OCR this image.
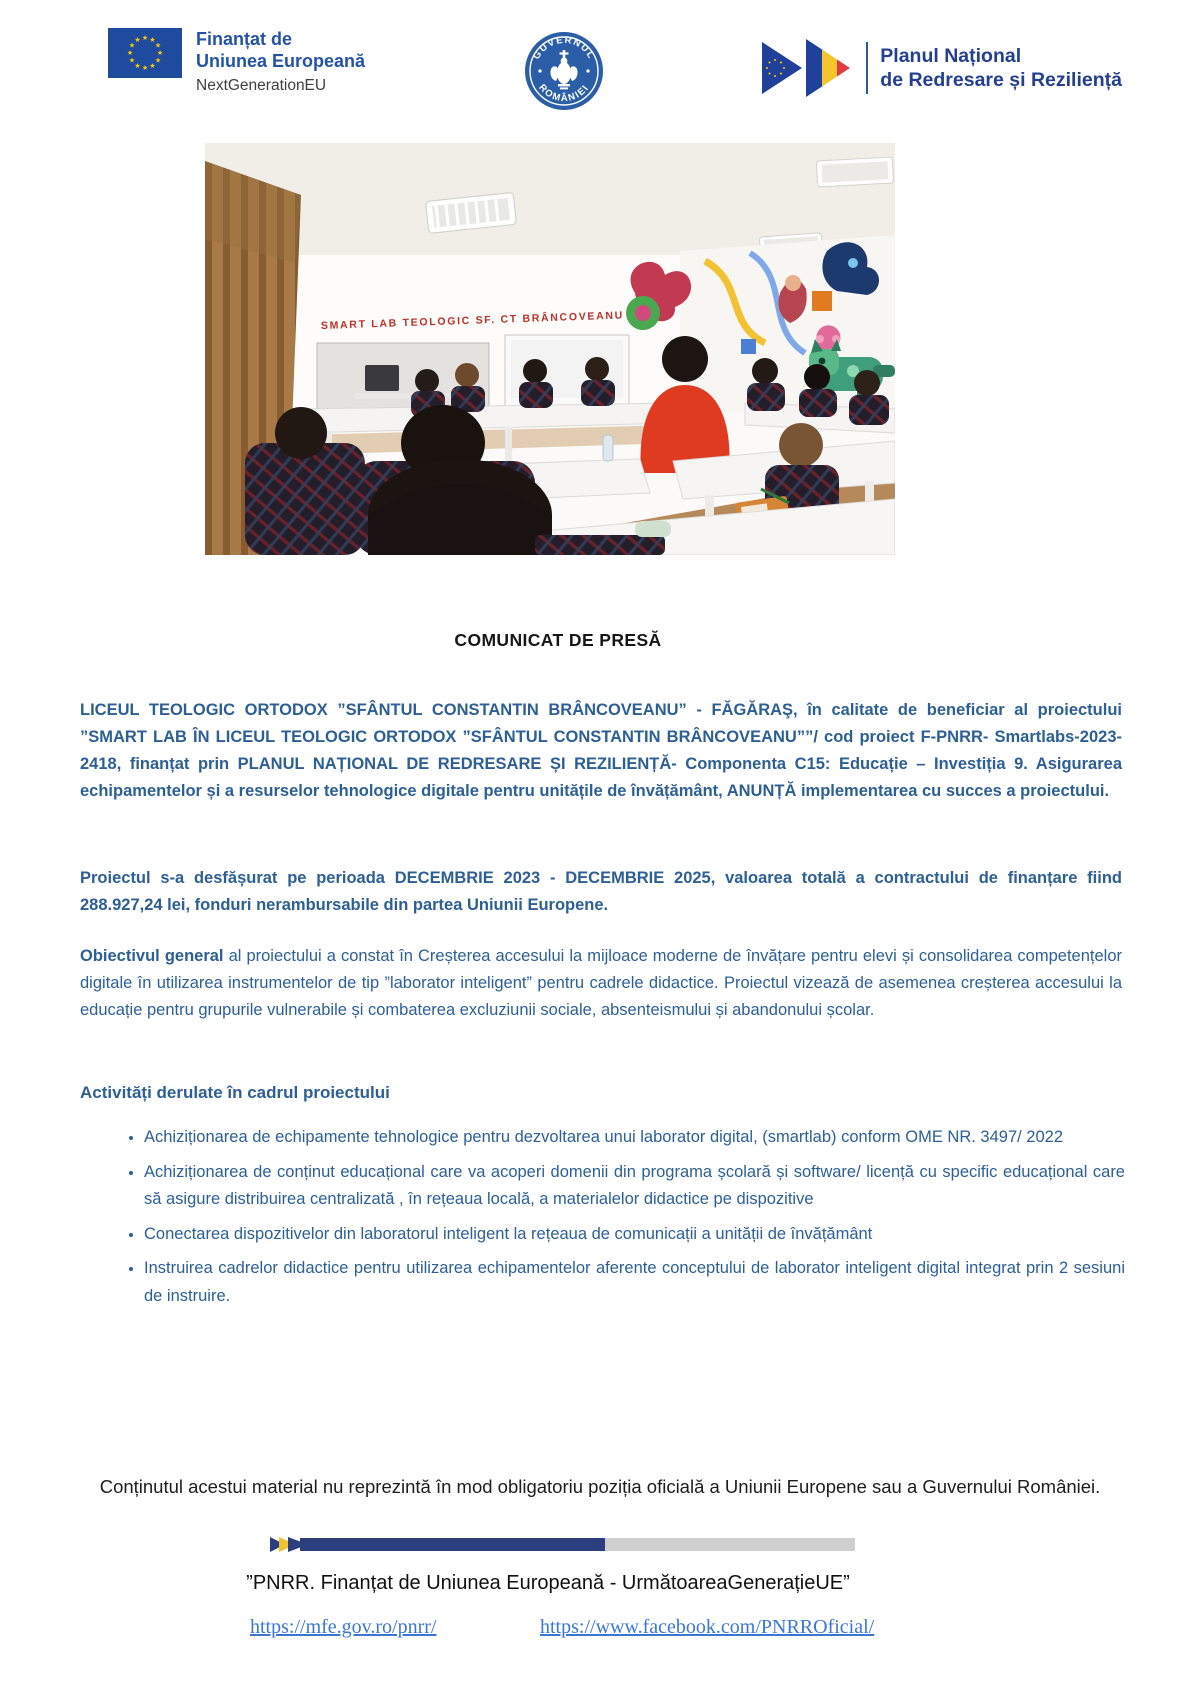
★ ★
★
★
★
★
★
★
★
★
★
★	Finanțat de
Uniunea Europeană
NextGenerationEU
GUVERNUL
ROMÂNIEI
Planul Național
de Redresare și Reziliență
SMART LAB TEOLOGIC SF. CT BRÂNCOVEANU
COMUNICAT DE PRESĂ

LICEUL TEOLOGIC ORTODOX ”SFÂNTUL CONSTANTIN BRÂNCOVEANU” - FĂGĂRAŞ, în calitate de beneficiar al proiectului ”SMART LAB ÎN LICEUL TEOLOGIC ORTODOX ”SFÂNTUL CONSTANTIN BRÂNCOVEANU””/ cod proiect F-PNRR- Smartlabs-2023-2418, finanțat prin PLANUL NAȚIONAL DE REDRESARE ȘI REZILIENȚĂ- Componenta C15: Educație – Investiția 9. Asigurarea echipamentelor și a resurselor tehnologice digitale pentru unitățile de învățământ, ANUNȚĂ implementarea cu succes a proiectului.

Proiectul s-a desfășurat pe perioada DECEMBRIE 2023 - DECEMBRIE 2025, valoarea totală a contractului de finanțare fiind 288.927,24 lei, fonduri nerambursabile din partea Uniunii Europene.

Obiectivul general al proiectului a constat în Creșterea accesului la mijloace moderne de învățare pentru elevi și consolidarea competențelor digitale în utilizarea instrumentelor de tip ”laborator inteligent” pentru cadrele didactice. Proiectul vizează de asemenea creșterea accesului la educație pentru grupurile vulnerabile și combaterea excluziunii sociale, absenteismului și abandonului școlar.

Activități derulate în cadrul proiectului

• Achiziționarea de echipamente tehnologice pentru dezvoltarea unui laborator digital, (smartlab) conform OME NR. 3497/ 2022
• Achiziționarea de conținut educațional care va acoperi domenii din programa școlară și software/ licență cu specific educațional care să asigure distribuirea centralizată , în rețeaua locală, a materialelor didactice pe dispozitive
• Conectarea dispozitivelor din laboratorul inteligent la rețeaua de comunicații a unității de învățământ
• Instruirea cadrelor didactice pentru utilizarea echipamentelor aferente conceptului de laborator inteligent digital integrat prin 2 sesiuni de instruire.

Conținutul acestui material nu reprezintă în mod obligatoriu poziția oficială a Uniunii Europene sau a Guvernului României.

”PNRR. Finanțat de Uniunea Europeană - UrmătoareaGenerațieUE”

https://mfe.gov.ro/pnrr/	https://www.facebook.com/PNRROficial/
